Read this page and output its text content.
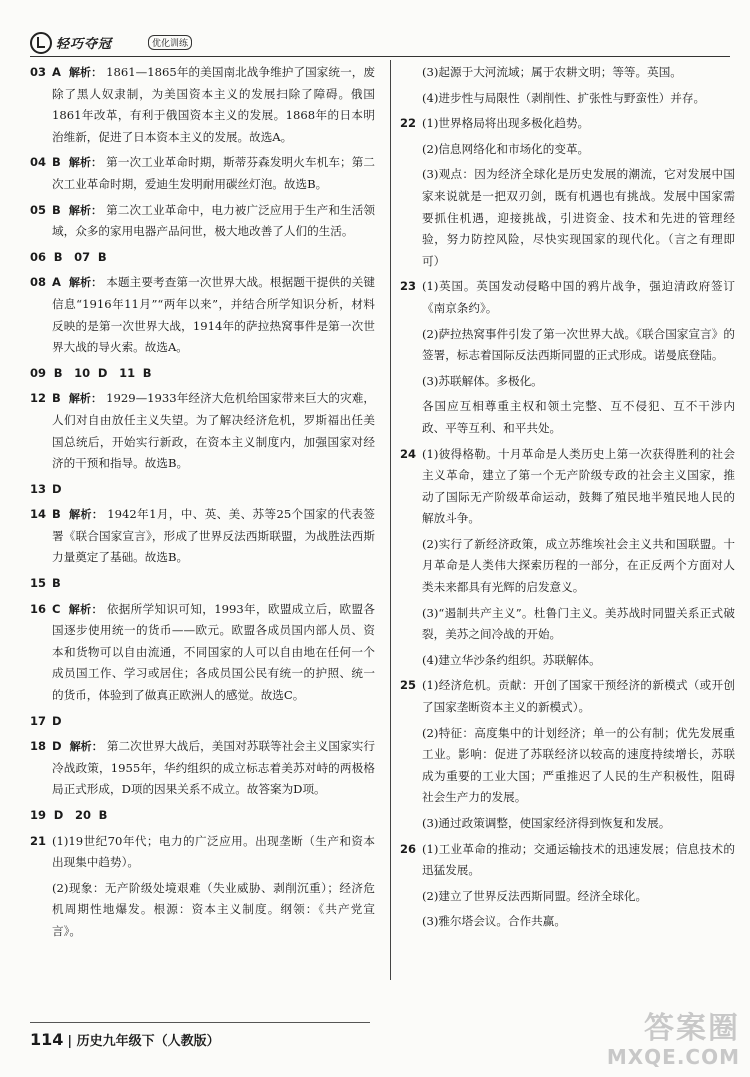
轻巧夺冠	优化训练
03 A 解析： 1861—1865年的美国南北战争维护了国家统一，废除了黑人奴隶制，为美国资本主义的发展扫除了障碍。俄国1861年改革，有利于俄国资本主义的发展。1868年的日本明治维新，促进了日本资本主义的发展。故选A。

04 B 解析： 第一次工业革命时期，斯蒂芬森发明火车机车；第二次工业革命时期，爱迪生发明耐用碳丝灯泡。故选B。

05 B 解析： 第二次工业革命中，电力被广泛应用于生产和生活领域，众多的家用电器产品问世，极大地改善了人们的生活。

06 B 07 B
08 A 解析： 本题主要考查第一次世界大战。根据题干提供的关键信息“1916年11月”“两年以来”，并结合所学知识分析，材料反映的是第一次世界大战，1914年的萨拉热窝事件是第一次世界大战的导火索。故选A。

09 B 10 D 11 B
12 B 解析： 1929—1933年经济大危机给国家带来巨大的灾难，人们对自由放任主义失望。为了解决经济危机，罗斯福出任美国总统后，开始实行新政，在资本主义制度内，加强国家对经济的干预和指导。故选B。

13 D

14 B 解析： 1942年1月，中、英、美、苏等25个国家的代表签署《联合国家宣言》，形成了世界反法西斯联盟，为战胜法西斯力量奠定了基础。故选B。

15 B

16 C 解析： 依据所学知识可知，1993年，欧盟成立后，欧盟各国逐步使用统一的货币——欧元。欧盟各成员国内部人员、资本和货物可以自由流通，不同国家的人可以自由地在任何一个成员国工作、学习或居住；各成员国公民有统一的护照、统一的货币，体验到了做真正欧洲人的感觉。故选C。

17 D

18 D 解析： 第二次世界大战后，美国对苏联等社会主义国家实行冷战政策，1955年，华约组织的成立标志着美苏对峙的两极格局正式形成，D项的因果关系不成立。故答案为D项。

19 D 20 B
21 (1)19世纪70年代；电力的广泛应用。出现垄断（生产和资本出现集中趋势）。

(2)现象：无产阶级处境艰难（失业威胁、剥削沉重）；经济危机周期性地爆发。根源：资本主义制度。纲领：《共产党宣言》。

(3)起源于大河流域；属于农耕文明；等等。英国。

(4)进步性与局限性（剥削性、扩张性与野蛮性）并存。

22 (1)世界格局将出现多极化趋势。

(2)信息网络化和市场化的变革。

(3)观点：因为经济全球化是历史发展的潮流，它对发展中国家来说就是一把双刃剑，既有机遇也有挑战。发展中国家需要抓住机遇，迎接挑战，引进资金、技术和先进的管理经验，努力防控风险，尽快实现国家的现代化。（言之有理即可）

23 (1)英国。英国发动侵略中国的鸦片战争，强迫清政府签订《南京条约》。

(2)萨拉热窝事件引发了第一次世界大战。《联合国家宣言》的签署，标志着国际反法西斯同盟的正式形成。诺曼底登陆。

(3)苏联解体。多极化。

各国应互相尊重主权和领土完整、互不侵犯、互不干涉内政、平等互利、和平共处。

24 (1)彼得格勒。十月革命是人类历史上第一次获得胜利的社会主义革命，建立了第一个无产阶级专政的社会主义国家，推动了国际无产阶级革命运动，鼓舞了殖民地半殖民地人民的解放斗争。

(2)实行了新经济政策，成立苏维埃社会主义共和国联盟。十月革命是人类伟大探索历程的一部分，在正反两个方面对人类未来都具有光辉的启发意义。

(3)“遏制共产主义”。杜鲁门主义。美苏战时同盟关系正式破裂，美苏之间冷战的开始。

(4)建立华沙条约组织。苏联解体。

25 (1)经济危机。贡献：开创了国家干预经济的新模式（或开创了国家垄断资本主义的新模式）。

(2)特征：高度集中的计划经济；单一的公有制；优先发展重工业。影响：促进了苏联经济以较高的速度持续增长，苏联成为重要的工业大国；严重推迟了人民的生产积极性，阻碍社会生产力的发展。

(3)通过政策调整，使国家经济得到恢复和发展。

26 (1)工业革命的推动；交通运输技术的迅速发展；信息技术的迅猛发展。

(2)建立了世界反法西斯同盟。经济全球化。

(3)雅尔塔会议。合作共赢。

114 | 历史九年级下（人教版）	答案圈
MXQE.COM
